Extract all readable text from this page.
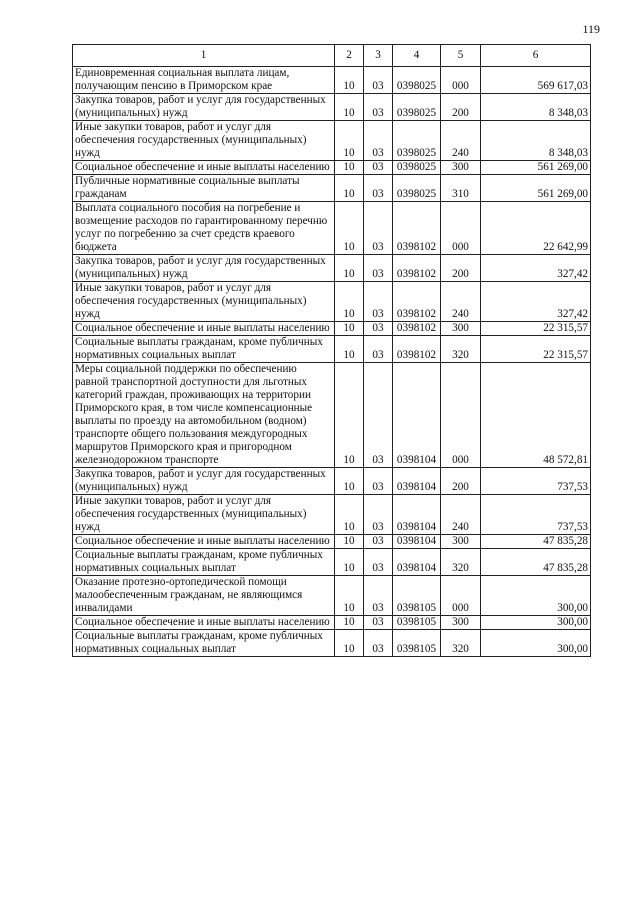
119
1	2	3	4	5	6
Единовременная социальная выплата лицам, получающим пенсию в Приморском крае	10	03	0398025	000	569 617,03
Закупка товаров, работ и услуг для государственных (муниципальных) нужд	10	03	0398025	200	8 348,03
Иные закупки товаров, работ и услуг для обеспечения государственных (муниципальных) нужд	10	03	0398025	240	8 348,03
Социальное обеспечение и иные выплаты населению	10	03	0398025	300	561 269,00
Публичные нормативные социальные выплаты гражданам	10	03	0398025	310	561 269,00
Выплата социального пособия на погребение и возмещение расходов по гарантированному перечню услуг по погребению за счет средств краевого бюджета	10	03	0398102	000	22 642,99
Закупка товаров, работ и услуг для государственных (муниципальных) нужд	10	03	0398102	200	327,42
Иные закупки товаров, работ и услуг для обеспечения государственных (муниципальных) нужд	10	03	0398102	240	327,42
Социальное обеспечение и иные выплаты населению	10	03	0398102	300	22 315,57
Социальные выплаты гражданам, кроме публичных нормативных социальных выплат	10	03	0398102	320	22 315,57
Меры социальной поддержки по обеспечению равной транспортной доступности для льготных категорий граждан, проживающих на территории Приморского края, в том числе компенсационные выплаты по проезду на автомобильном (водном) транспорте общего пользования междугородных маршрутов Приморского края и пригородном железнодорожном транспорте	10	03	0398104	000	48 572,81
Закупка товаров, работ и услуг для государственных (муниципальных) нужд	10	03	0398104	200	737,53
Иные закупки товаров, работ и услуг для обеспечения государственных (муниципальных) нужд	10	03	0398104	240	737,53
Социальное обеспечение и иные выплаты населению	10	03	0398104	300	47 835,28
Социальные выплаты гражданам, кроме публичных нормативных социальных выплат	10	03	0398104	320	47 835,28
Оказание протезно-ортопедической помощи малообеспеченным гражданам, не являющимся инвалидами	10	03	0398105	000	300,00
Социальное обеспечение и иные выплаты населению	10	03	0398105	300	300,00
Социальные выплаты гражданам, кроме публичных нормативных социальных выплат	10	03	0398105	320	300,00
